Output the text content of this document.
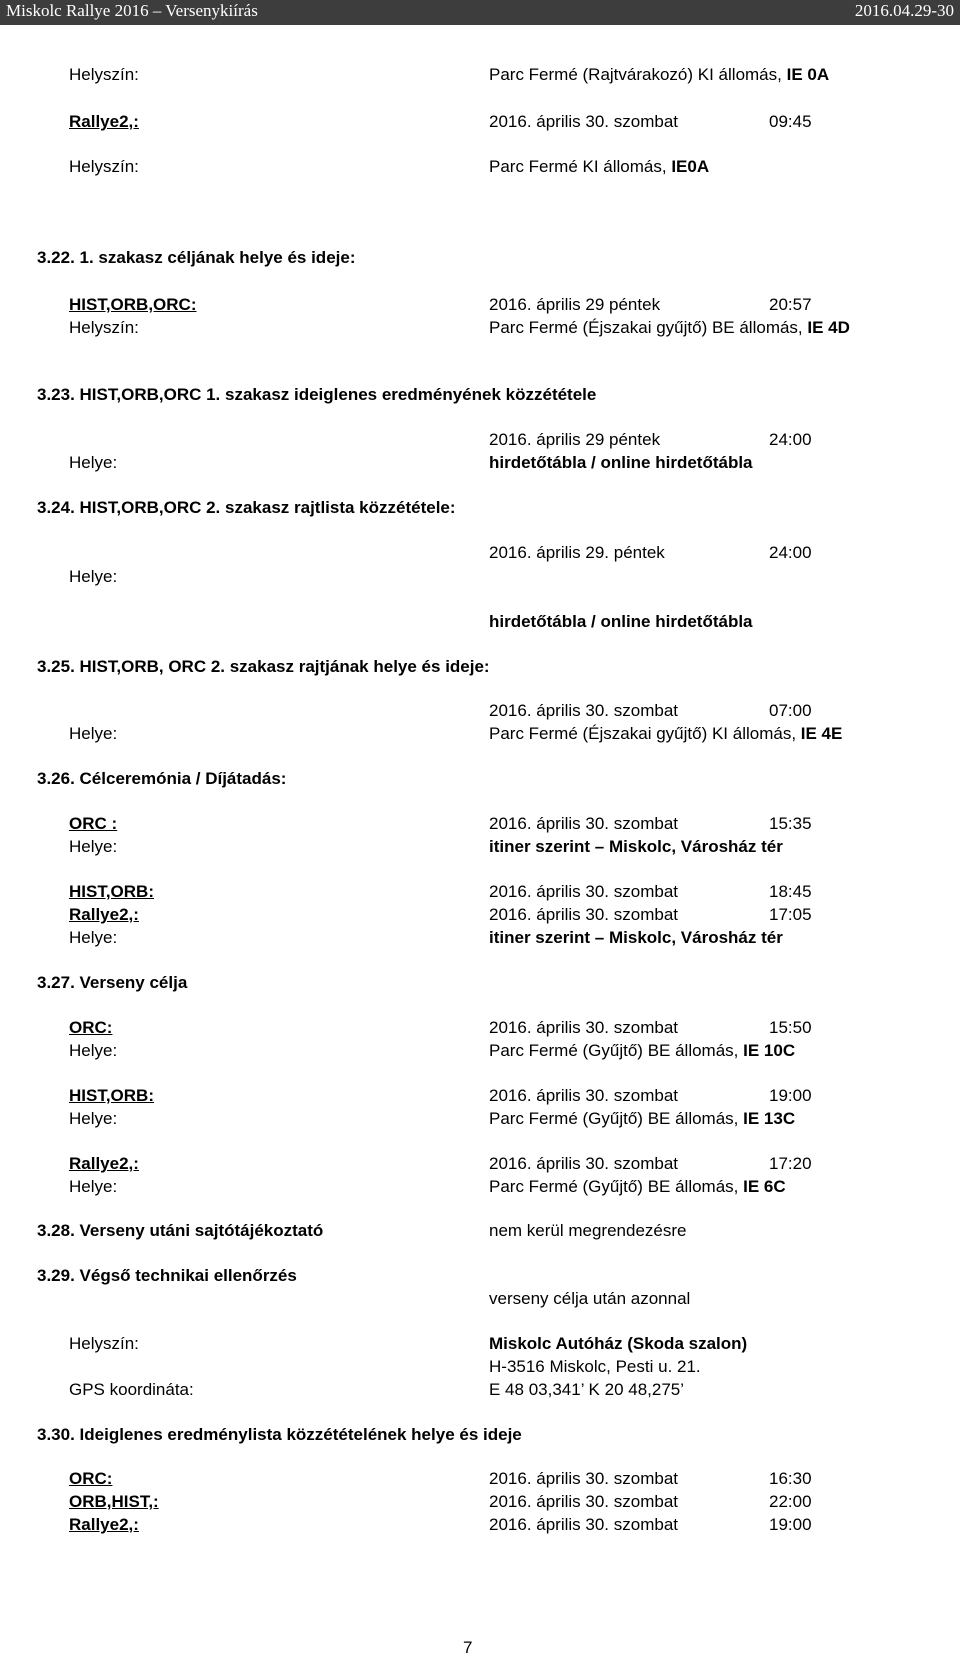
Miskolc Rallye 2016 – Versenykiírás	2016.04.29-30
Helyszín:	Parc Fermé (Rajtvárakozó) KI állomás, IE 0A
Rallye2,:	2016. április 30. szombat	09:45
Helyszín:	Parc Fermé KI állomás, IE0A
3.22. 1. szakasz céljának helye és ideje:
HIST,ORB,ORC:	2016. április 29 péntek	20:57
Helyszín:	Parc Fermé (Éjszakai gyűjtő) BE állomás, IE 4D
3.23. HIST,ORB,ORC 1. szakasz ideiglenes eredményének közzététele
2016. április 29 péntek	24:00
Helye:	hirdetőtábla / online hirdetőtábla
3.24. HIST,ORB,ORC 2. szakasz rajtlista közzététele:
2016. április 29. péntek	24:00
Helye:
hirdetőtábla / online hirdetőtábla
3.25. HIST,ORB, ORC 2. szakasz rajtjának helye és ideje:
2016. április 30. szombat	07:00
Helye:	Parc Fermé (Éjszakai gyűjtő) KI állomás, IE 4E
3.26. Célceremónia / Díjátadás:
ORC :	2016. április 30. szombat	15:35
Helye:	itiner szerint – Miskolc, Városház tér
HIST,ORB:	2016. április 30. szombat	18:45
Rallye2,:	2016. április 30. szombat	17:05
Helye:	itiner szerint – Miskolc, Városház tér
3.27. Verseny célja
ORC:	2016. április 30. szombat	15:50
Helye:	Parc Fermé (Gyűjtő) BE állomás, IE 10C
HIST,ORB:	2016. április 30. szombat	19:00
Helye:	Parc Fermé (Gyűjtő) BE állomás, IE 13C
Rallye2,:	2016. április 30. szombat	17:20
Helye:	Parc Fermé (Gyűjtő) BE állomás, IE 6C
3.28. Verseny utáni sajtótájékoztató	nem kerül megrendezésre
3.29. Végső technikai ellenőrzés
verseny célja után azonnal
Helyszín:	Miskolc Autóház (Skoda szalon)
H-3516 Miskolc, Pesti u. 21.
GPS koordináta:	E 48 03,341’ K 20 48,275’
3.30. Ideiglenes eredménylista közzétételének helye és ideje
ORC:	2016. április 30. szombat	16:30
ORB,HIST,:	2016. április 30. szombat	22:00
Rallye2,:	2016. április 30. szombat	19:00
7
